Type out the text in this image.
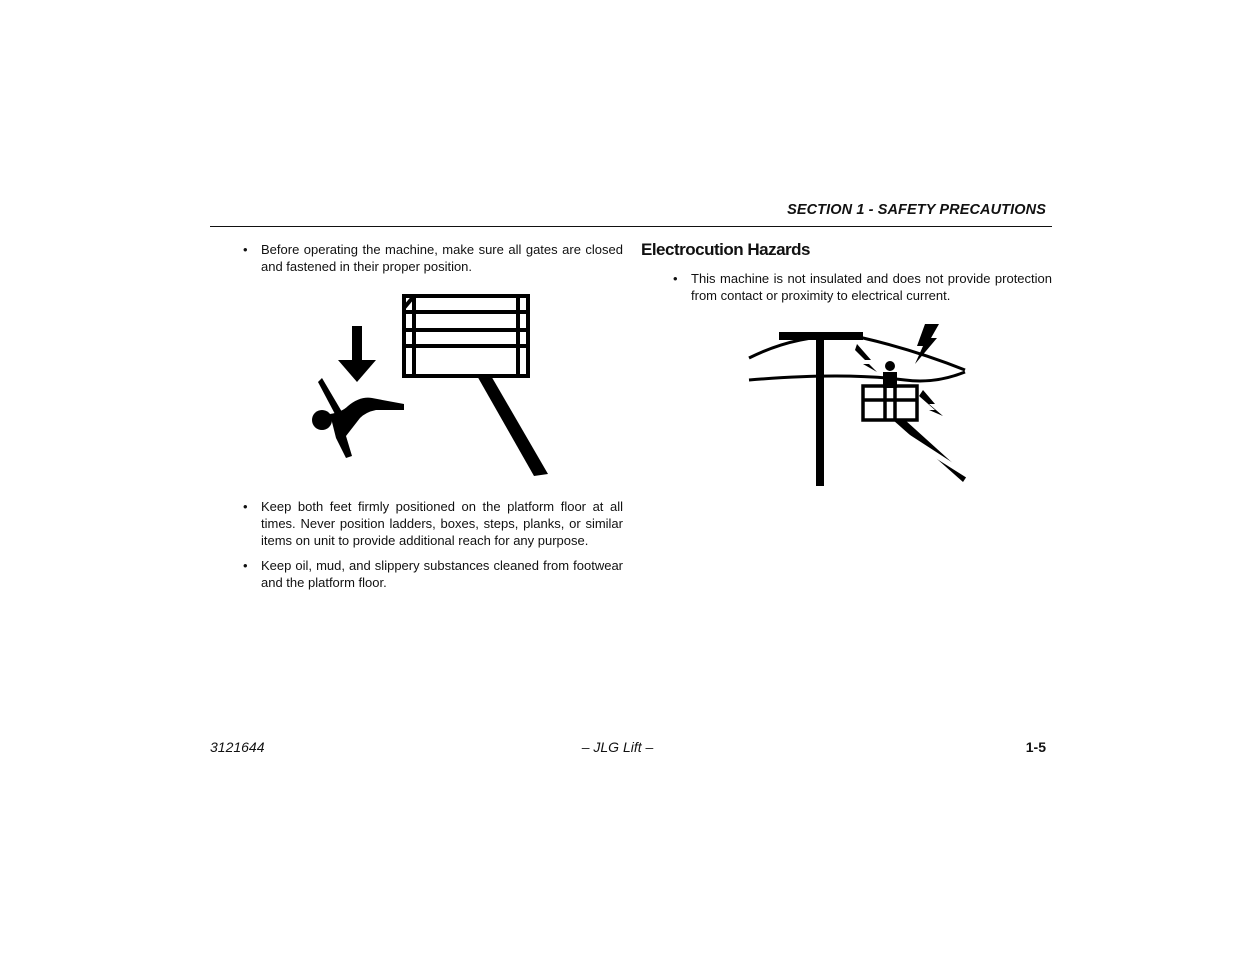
SECTION 1 - SAFETY PRECAUTIONS

• Before operating the machine, make sure all gates are closed and fastened in their proper position.

• Keep both feet firmly positioned on the platform floor at all times. Never position ladders, boxes, steps, planks, or similar items on unit to provide additional reach for any purpose.

• Keep oil, mud, and slippery substances cleaned from footwear and the platform floor.

Electrocution Hazards

• This machine is not insulated and does not provide protection from contact or proximity to electrical current.

3121644	– JLG Lift –	1-5
